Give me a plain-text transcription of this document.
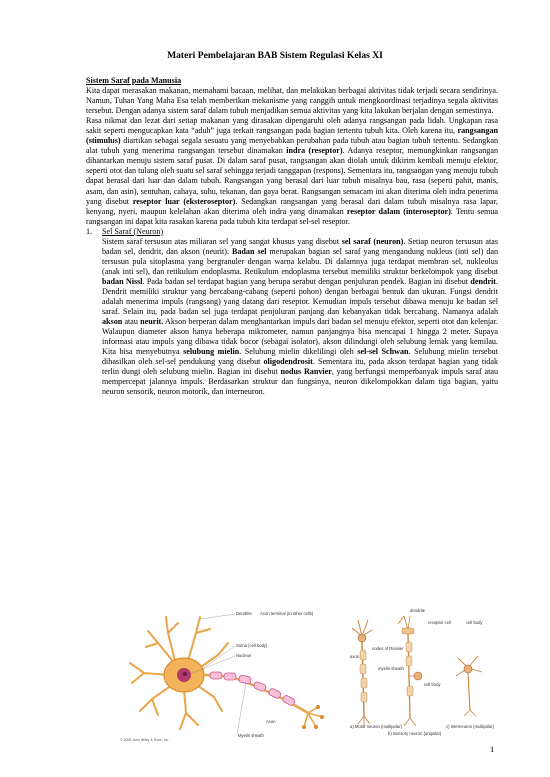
Materi Pembelajaran BAB Sistem Regulasi Kelas XI
Sistem Saraf pada Manusia

Kita dapat merasakan makanan, memahami bacaan, melihat, dan melakukan berbagai aktivitas tidak terjadi secara sendirinya. Namun, Tuhan Yang Maha Esa telah memberikan mekanisme yang canggih untuk mengkoordinasi terjadinya segala aktivitas tersebut. Dengan adanya sistem saraf dalam tubuh menjadikan semua aktivitas yang kita lakukan berjalan dengan semestinya.

Rasa nikmat dan lezat dari setiap makanan yang dirasakan dipengaruhi oleh adanya rangsangan pada lidah. Ungkapan rasa sakit seperti mengucapkan kata “aduh” juga terkait rangsangan pada bagian tertentu tubuh kita. Oleh karena itu, rangsangan (stimulus) diartikan sebagai segala sesuatu yang menyebabkan perubahan pada tubuh atau bagian tubuh tertentu. Sedangkan alat tubuh yang menerima rangsangan tersebut dinamakan indra (reseptor). Adanya reseptor, memungkinkan rangsangan dihantarkan menuju sistem saraf pusat. Di dalam saraf pusat, rangsangan akan diolah untuk dikirim kembali menuju efektor, seperti otot dan tulang oleh suatu sel saraf sehingga terjadi tanggapan (respons). Sementara itu, rangsangan yang menuju tubuh dapat berasal dari luar dan dalam tubuh. Rangsangan yang berasal dari luar tubuh misalnya bau, rasa (seperti pahit, manis, asam, dan asin), sentuhan, cahaya, suhu, tekanan, dan gaya berat. Rangsangan semacam ini akan diterima oleh indra penerima yang disebut reseptor luar (eksteroseptor). Sedangkan rangsangan yang berasal dari dalam tubuh misalnya rasa lapar, kenyang, nyeri, maupun kelelahan akan diterima oleh indra yang dinamakan reseptor dalam (interoseptor). Tentu semua rangsangan ini dapat kita rasakan karena pada tubuh kita terdapat sel-sel reseptor.

1.	Sel Saraf (Neuron)

Sistem saraf tersusun atas miliaran sel yang sangat khusus yang disebut sel saraf (neuron). Setiap neuron tersusun atas badan sel, dendrit, dan akson (neurit). Badan sel merupakan bagian sel saraf yang mengandung nukleus (inti sel) dan tersusun pula sitoplasma yang bergranuler dengan warna kelabu. Di dalamnya juga terdapat membran sel, nukleolus (anak inti sel), dan retikulum endoplasma. Retikulum endoplasma tersebut memiliki struktur berkelompok yang disebut badan Nissl. Pada badan sel terdapat bagian yang berupa serabut dengan penjuluran pendek. Bagian ini disebut dendrit. Dendrit memiliki struktur yang bercabang-cabang (seperti pohon) dengan berbagai bentuk dan ukuran. Fungsi dendrit adalah menerima impuls (rangsang) yang datang dari reseptor. Kemudian impuls tersebut dibawa menuju ke badan sel saraf. Selain itu, pada badan sel juga terdapat penjuluran panjang dan kebanyakan tidak bercabang. Namanya adalah akson atau neurit. Akson berperan dalam menghantarkan impuls dari badan sel menuju efektor, seperti otot dan kelenjar. Walaupun diameter akson hanya beberapa mikrometer, namun panjangnya bisa mencapai 1 hingga 2 meter. Supaya informasi atau impuls yang dibawa tidak bocor (sebagai isolator), akson dilindungi oleh selubung lemak yang kemilau. Kita bisa menyebutnya selubung mielin. Selubung mielin dikelilingi oleh sel-sel Schwan. Selubung mielin tersebut dihasilkan oleh sel-sel pendukung yang disebut oligodendrosit. Sementara itu, pada akson terdapat bagian yang tidak terlin dungi oleh selubung mielin. Bagian ini disebut nodus Ranvier, yang berfungsi memperbanyak impuls saraf atau mempercepat jalannya impuls. Berdasarkan struktur dan fungsinya, neuron dikelompokkan dalam tiga bagian, yaitu neuron sensorik, neuron motorik, dan interneuron.

Dendrite Axon terminal (to other cells)
Soma (cell body)
Nucleus
Axon
Myelin sheath
© 2005 John Wiley & Sons, Inc.
dendrite
receptor cell	cell body
nodes of Ranvier
axon
myelin sheath
cell body
a) Motor neuron (multipolar)
b) Sensory neuron (unipolar)
c) Interneuron (multipolar)
1
